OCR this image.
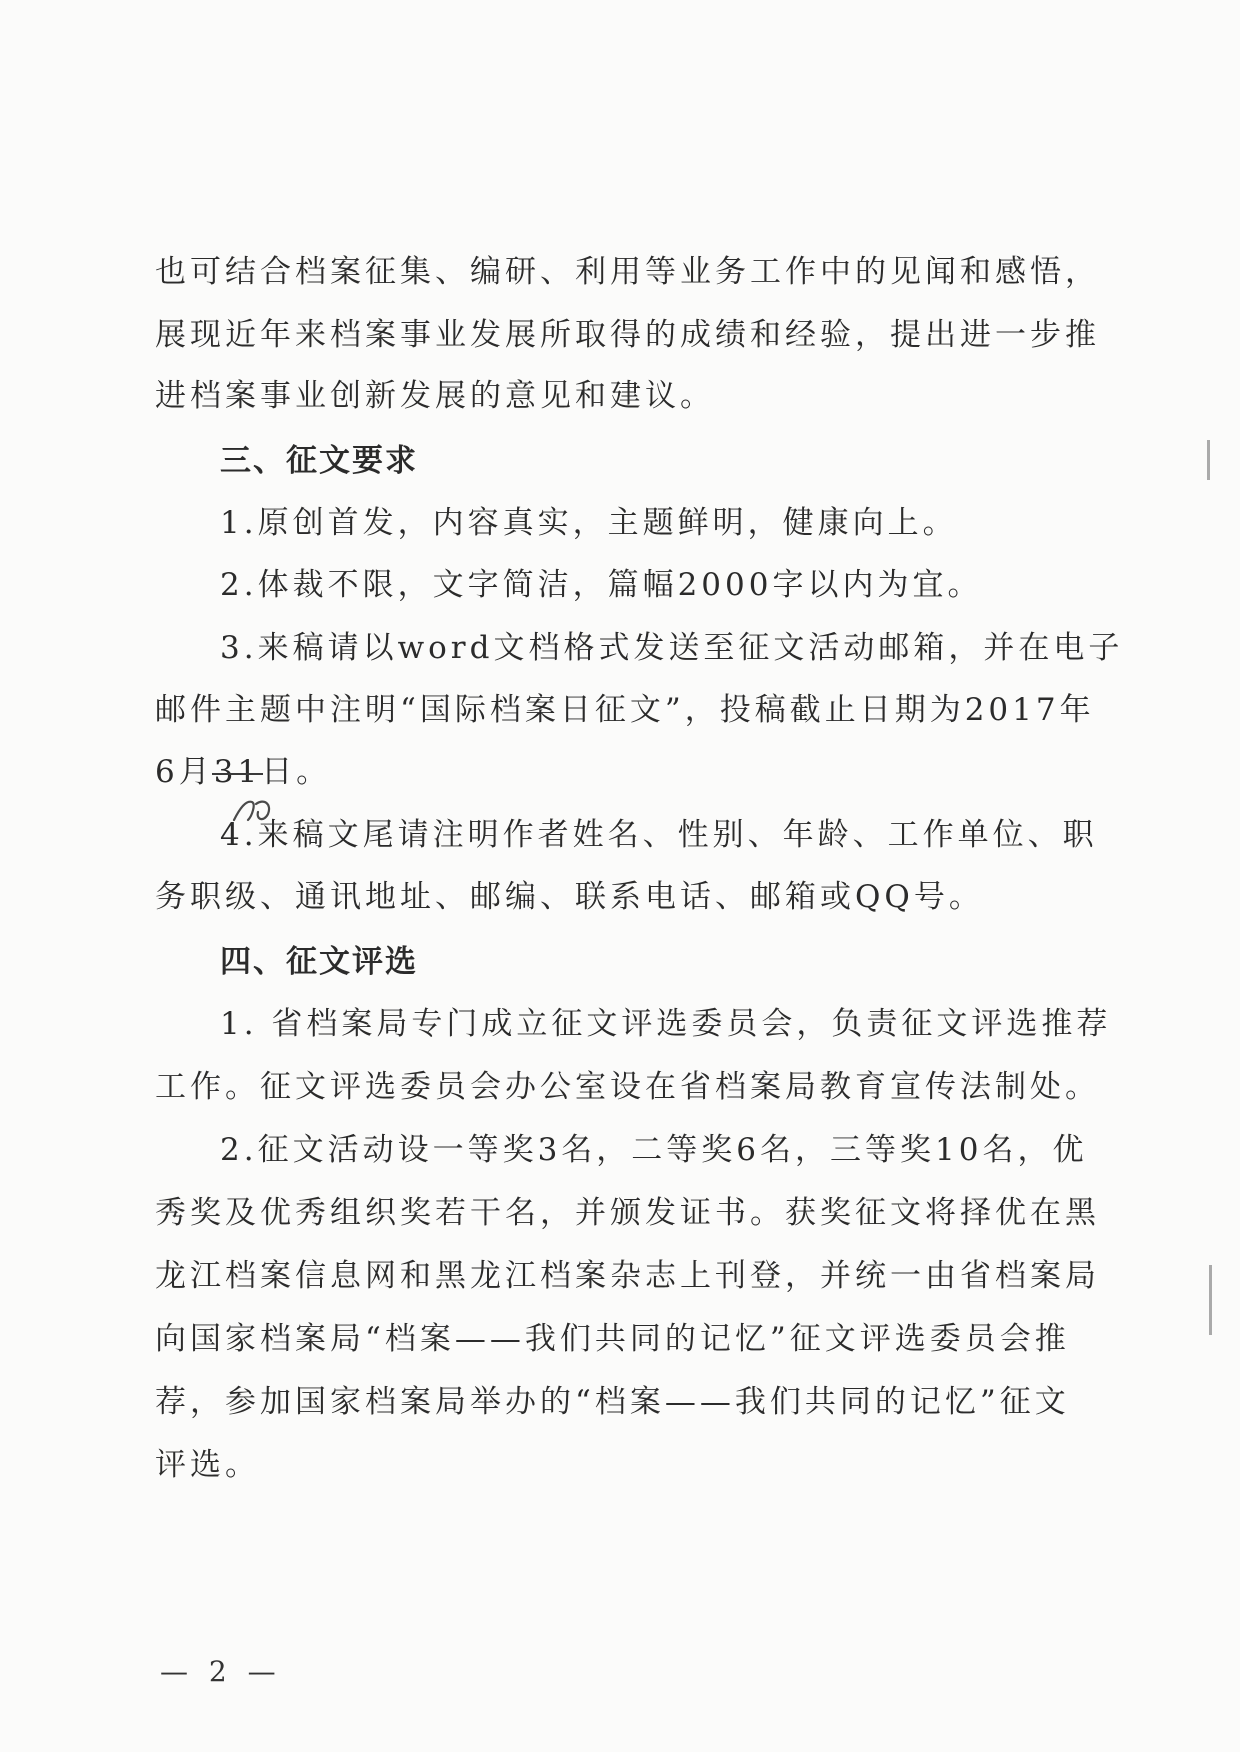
也可结合档案征集、编研、利用等业务工作中的见闻和感悟，
展现近年来档案事业发展所取得的成绩和经验，提出进一步推
进档案事业创新发展的意见和建议。
三、征文要求
1.原创首发，内容真实，主题鲜明，健康向上。
2.体裁不限，文字简洁，篇幅2000字以内为宜。
3.来稿请以word文档格式发送至征文活动邮箱，并在电子
邮件主题中注明“国际档案日征文”，投稿截止日期为2017年
6月31日。
4.来稿文尾请注明作者姓名、性别、年龄、工作单位、职
务职级、通讯地址、邮编、联系电话、邮箱或QQ号。
四、征文评选
1. 省档案局专门成立征文评选委员会，负责征文评选推荐
工作。征文评选委员会办公室设在省档案局教育宣传法制处。
2.征文活动设一等奖3名，二等奖6名，三等奖10名，优
秀奖及优秀组织奖若干名，并颁发证书。获奖征文将择优在黑
龙江档案信息网和黑龙江档案杂志上刊登，并统一由省档案局
向国家档案局“档案——我们共同的记忆”征文评选委员会推
荐，参加国家档案局举办的“档案——我们共同的记忆”征文
评选。
— 2 —
